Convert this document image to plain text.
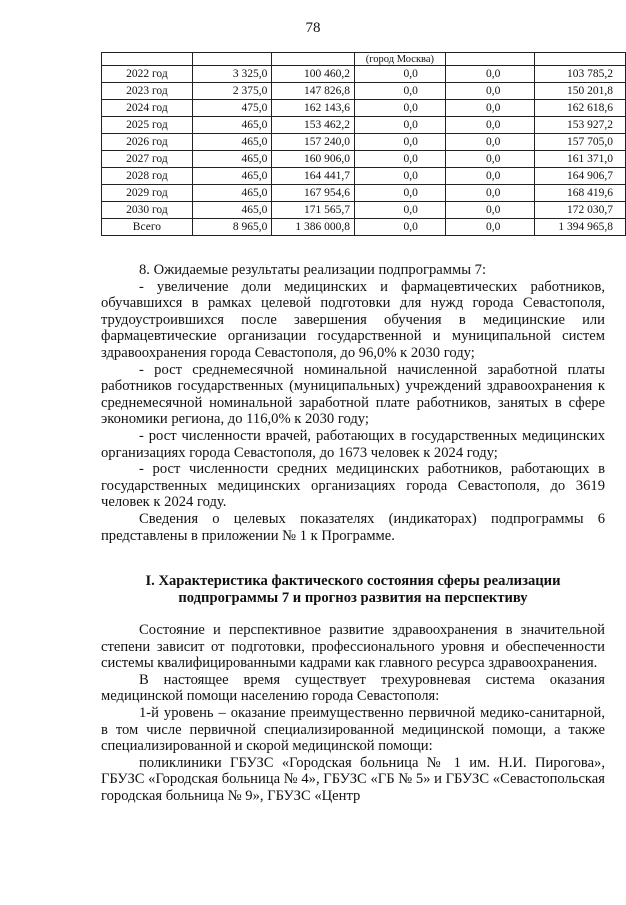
78
			(город Москва)		
2022 год	3 325,0	100 460,2	0,0	0,0	103 785,2
2023 год	2 375,0	147 826,8	0,0	0,0	150 201,8
2024 год	475,0	162 143,6	0,0	0,0	162 618,6
2025 год	465,0	153 462,2	0,0	0,0	153 927,2
2026 год	465,0	157 240,0	0,0	0,0	157 705,0
2027 год	465,0	160 906,0	0,0	0,0	161 371,0
2028 год	465,0	164 441,7	0,0	0,0	164 906,7
2029 год	465,0	167 954,6	0,0	0,0	168 419,6
2030 год	465,0	171 565,7	0,0	0,0	172 030,7
Всего	8 965,0	1 386 000,8	0,0	0,0	1 394 965,8

8. Ожидаемые результаты реализации подпрограммы 7:

- увеличение доли медицинских и фармацевтических работников, обучавшихся в рамках целевой подготовки для нужд города Севастополя, трудоустроившихся после завершения обучения в медицинские или фармацевтические организации государственной и муниципальной систем здравоохранения города Севастополя, до 96,0% к 2030 году;

- рост среднемесячной номинальной начисленной заработной платы работников государственных (муниципальных) учреждений здравоохранения к среднемесячной номинальной заработной плате работников, занятых в сфере экономики региона, до 116,0% к 2030 году;

- рост численности врачей, работающих в государственных медицинских организациях города Севастополя, до 1673 человек к 2024 году;

- рост численности средних медицинских работников, работающих в государственных медицинских организациях города Севастополя, до 3619 человек к 2024 году.

Сведения о целевых показателях (индикаторах) подпрограммы 6 представлены в приложении № 1 к Программе.

I. Характеристика фактического состояния сферы реализации
подпрограммы 7 и прогноз развития на перспективу

Состояние и перспективное развитие здравоохранения в значительной степени зависит от подготовки, профессионального уровня и обеспеченности системы квалифицированными кадрами как главного ресурса здравоохранения.

В настоящее время существует трехуровневая система оказания медицинской помощи населению города Севастополя:

1-й уровень – оказание преимущественно первичной медико-санитарной, в том числе первичной специализированной медицинской помощи, а также специализированной и скорой медицинской помощи:

поликлиники ГБУЗС «Городская больница № 1 им. Н.И. Пирогова», ГБУЗС «Городская больница № 4», ГБУЗС «ГБ № 5» и ГБУЗС «Севастопольская городская больница № 9», ГБУЗС «Центр
